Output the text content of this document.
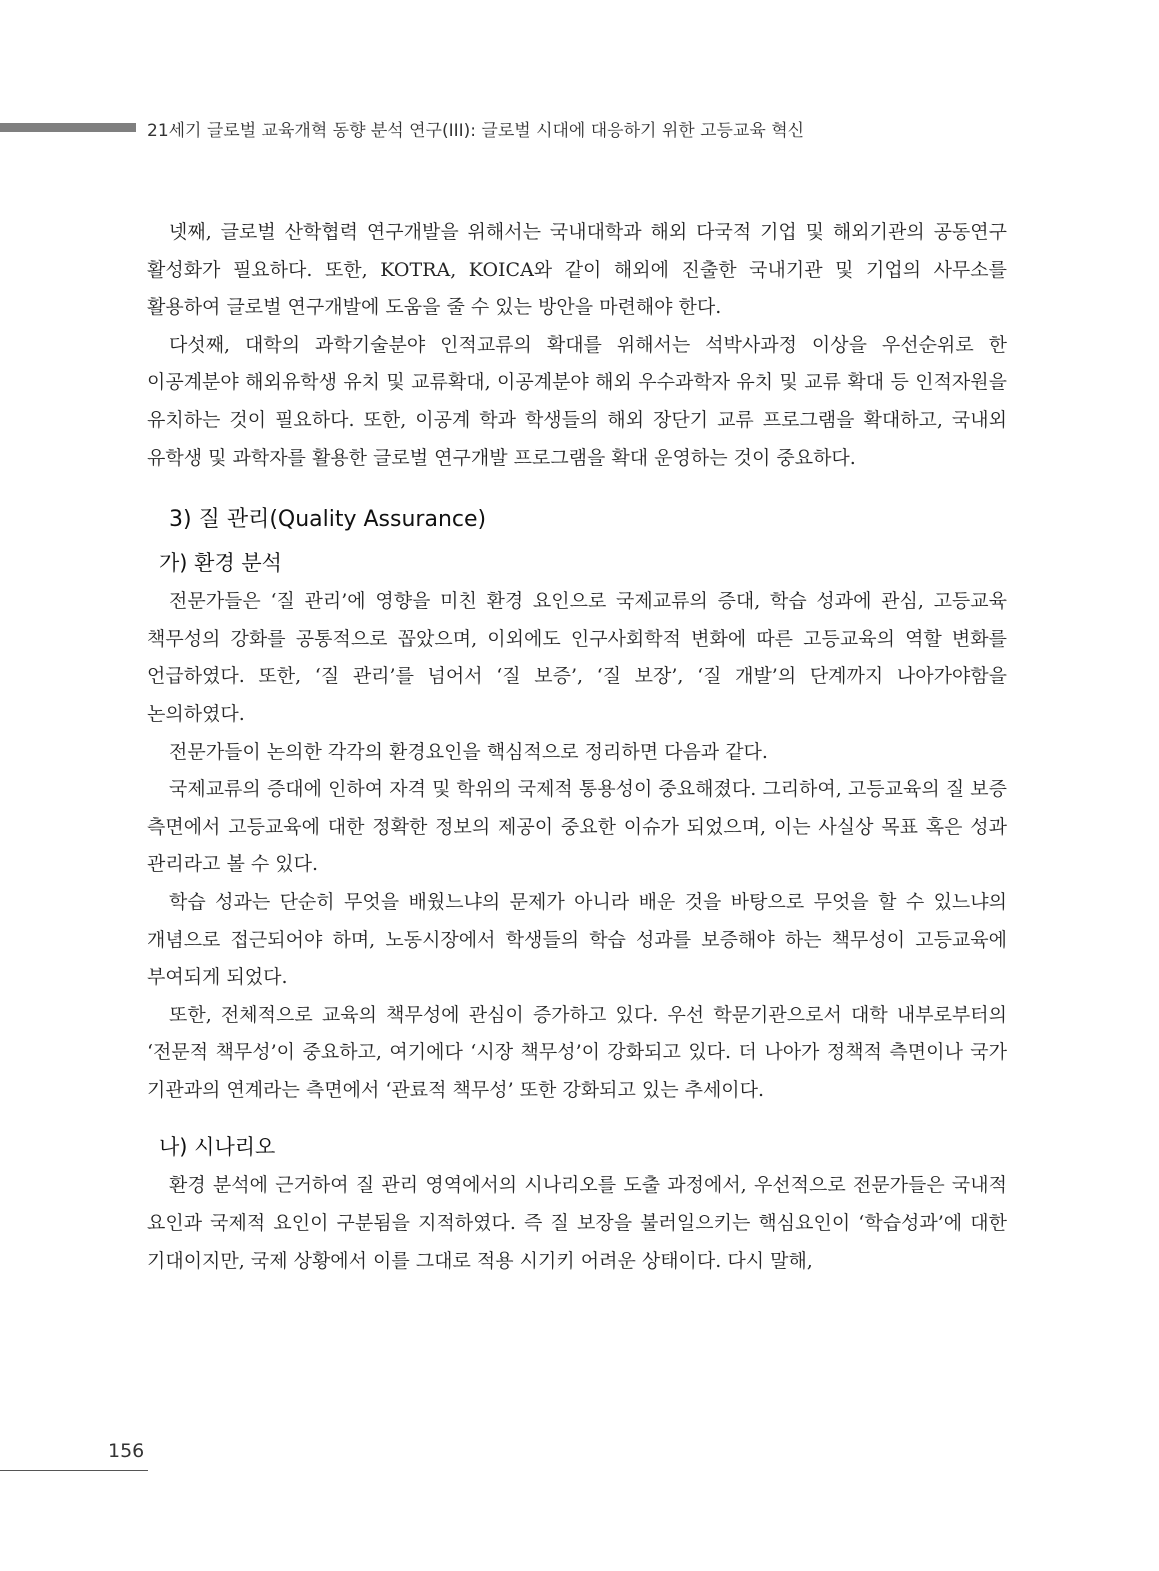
21세기 글로벌 교육개혁 동향 분석 연구(III): 글로벌 시대에 대응하기 위한 고등교육 혁신

넷째, 글로벌 산학협력 연구개발을 위해서는 국내대학과 해외 다국적 기업 및 해외기관의 공동연구 활성화가 필요하다. 또한, KOTRA, KOICA와 같이 해외에 진출한 국내기관 및 기업의 사무소를 활용하여 글로벌 연구개발에 도움을 줄 수 있는 방안을 마련해야 한다.

다섯째, 대학의 과학기술분야 인적교류의 확대를 위해서는 석박사과정 이상을 우선순위로 한 이공계분야 해외유학생 유치 및 교류확대, 이공계분야 해외 우수과학자 유치 및 교류 확대 등 인적자원을 유치하는 것이 필요하다. 또한, 이공계 학과 학생들의 해외 장단기 교류 프로그램을 확대하고, 국내외 유학생 및 과학자를 활용한 글로벌 연구개발 프로그램을 확대 운영하는 것이 중요하다.

3) 질 관리(Quality Assurance)
가) 환경 분석

전문가들은 ‘질 관리’에 영향을 미친 환경 요인으로 국제교류의 증대, 학습 성과에 관심, 고등교육 책무성의 강화를 공통적으로 꼽았으며, 이외에도 인구사회학적 변화에 따른 고등교육의 역할 변화를 언급하였다. 또한, ‘질 관리’를 넘어서 ‘질 보증’, ‘질 보장’, ‘질 개발’의 단계까지 나아가야함을 논의하였다.

전문가들이 논의한 각각의 환경요인을 핵심적으로 정리하면 다음과 같다.

국제교류의 증대에 인하여 자격 및 학위의 국제적 통용성이 중요해졌다. 그리하여, 고등교육의 질 보증 측면에서 고등교육에 대한 정확한 정보의 제공이 중요한 이슈가 되었으며, 이는 사실상 목표 혹은 성과 관리라고 볼 수 있다.

학습 성과는 단순히 무엇을 배웠느냐의 문제가 아니라 배운 것을 바탕으로 무엇을 할 수 있느냐의 개념으로 접근되어야 하며, 노동시장에서 학생들의 학습 성과를 보증해야 하는 책무성이 고등교육에 부여되게 되었다.

또한, 전체적으로 교육의 책무성에 관심이 증가하고 있다. 우선 학문기관으로서 대학 내부로부터의 ‘전문적 책무성’이 중요하고, 여기에다 ‘시장 책무성’이 강화되고 있다. 더 나아가 정책적 측면이나 국가 기관과의 연계라는 측면에서 ‘관료적 책무성’ 또한 강화되고 있는 추세이다.

나) 시나리오

환경 분석에 근거하여 질 관리 영역에서의 시나리오를 도출 과정에서, 우선적으로 전문가들은 국내적 요인과 국제적 요인이 구분됨을 지적하였다. 즉 질 보장을 불러일으키는 핵심요인이 ‘학습성과’에 대한 기대이지만, 국제 상황에서 이를 그대로 적용 시기키 어려운 상태이다. 다시 말해,

156
